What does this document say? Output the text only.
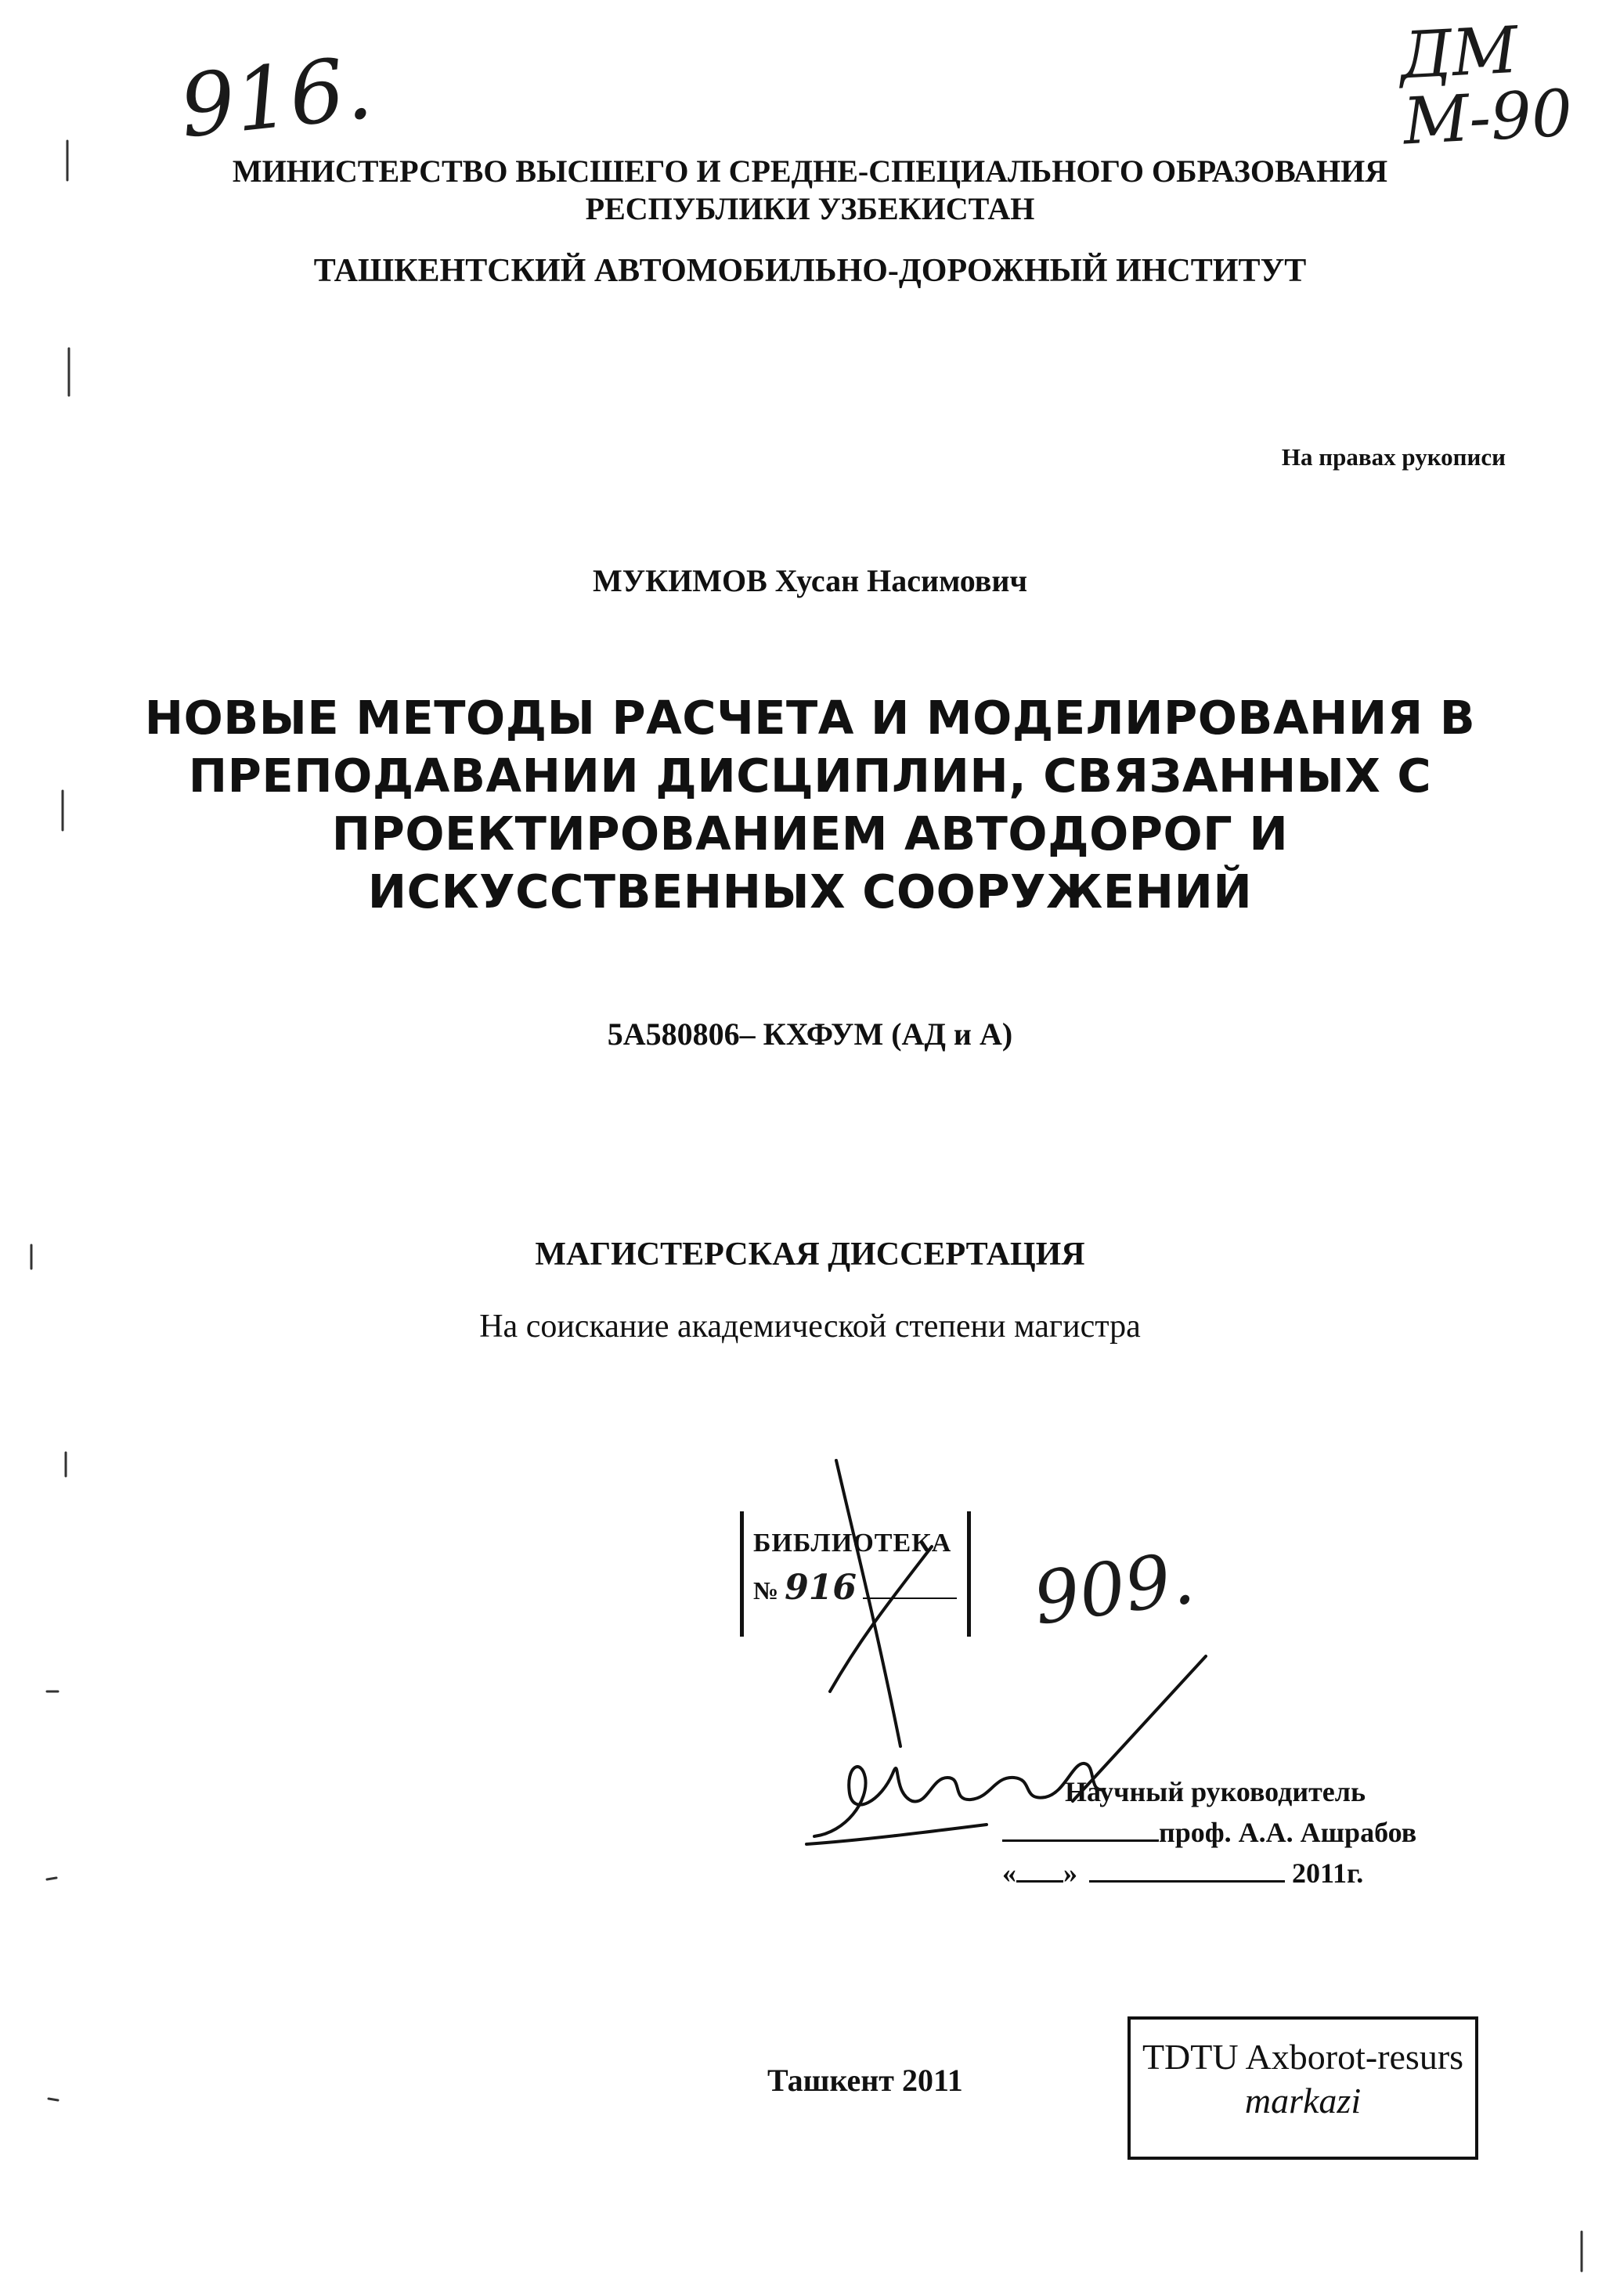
916.	ДМ
М-90
МИНИСТЕРСТВО ВЫСШЕГО И СРЕДНЕ-СПЕЦИАЛЬНОГО ОБРАЗОВАНИЯ
РЕСПУБЛИКИ УЗБЕКИСТАН
ТАШКЕНТСКИЙ АВТОМОБИЛЬНО-ДОРОЖНЫЙ ИНСТИТУТ
На правах рукописи
МУКИМОВ Хусан Насимович
НОВЫЕ МЕТОДЫ РАСЧЕТА И МОДЕЛИРОВАНИЯ В
ПРЕПОДАВАНИИ ДИСЦИПЛИН, СВЯЗАННЫХ С
ПРОЕКТИРОВАНИЕМ АВТОДОРОГ И
ИСКУССТВЕННЫХ СООРУЖЕНИЙ
5А580806– КХФУМ (АД и А)
МАГИСТЕРСКАЯ ДИССЕРТАЦИЯ
На соискание академической степени магистра
БИБЛИОТЕКА
№ 916	909.
Научный руководитель
проф. А.А. Ашрабов
« »	2011г.
Ташкент 2011
TDTU Axborot-resurs
markazi
